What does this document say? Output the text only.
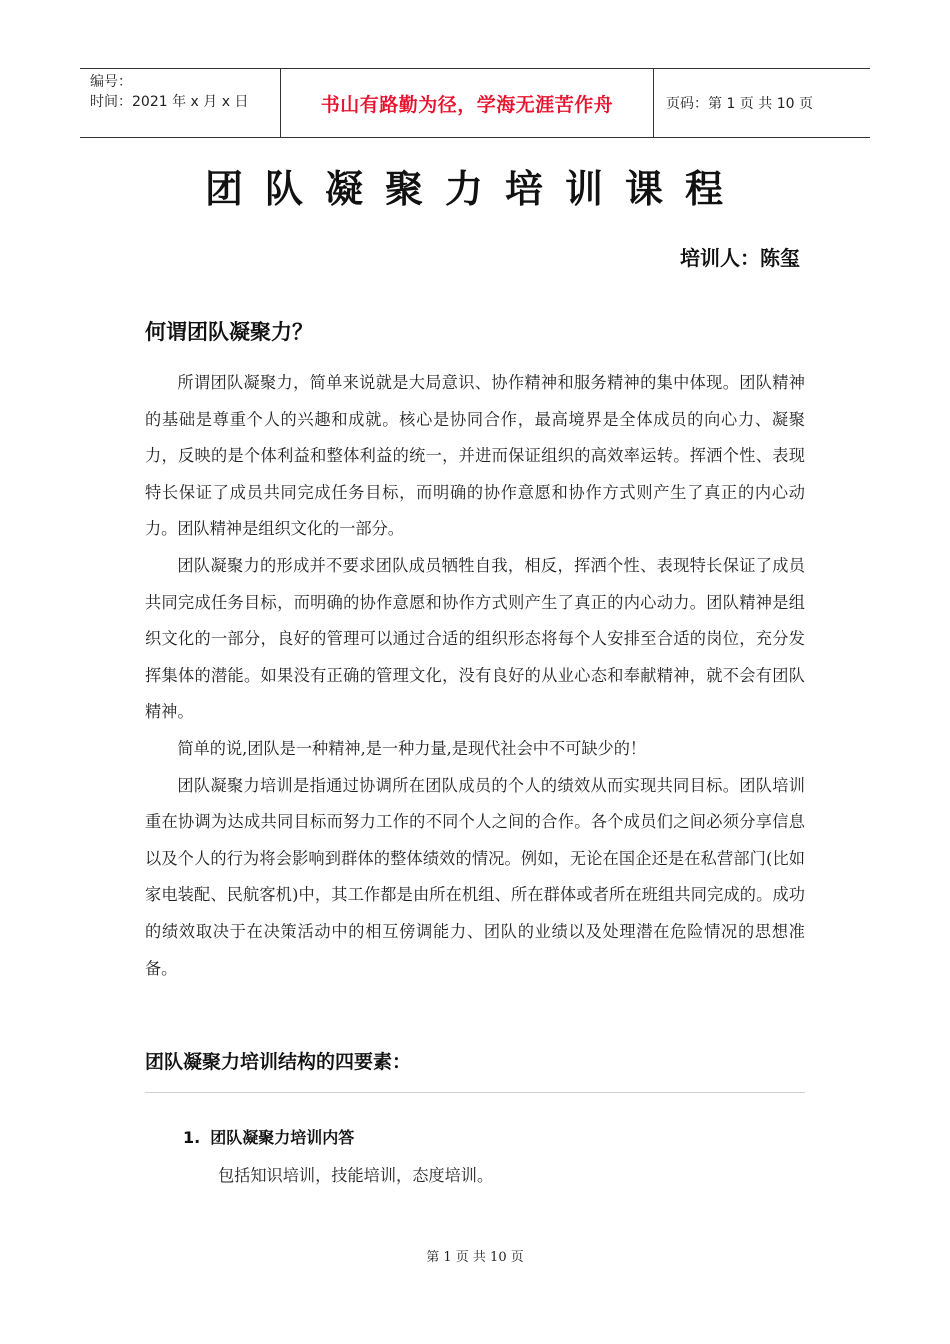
编号：
时间：2021 年 x 月 x 日	书山有路勤为径，学海无涯苦作舟	页码：第 1 页 共 10 页
团队凝聚力培训课程
培训人：陈玺
何谓团队凝聚力？

所谓团队凝聚力，简单来说就是大局意识、协作精神和服务精神的集中体现。团队精神的基础是尊重个人的兴趣和成就。核心是协同合作，最高境界是全体成员的向心力、凝聚力，反映的是个体利益和整体利益的统一，并进而保证组织的高效率运转。挥洒个性、表现特长保证了成员共同完成任务目标，而明确的协作意愿和协作方式则产生了真正的内心动力。团队精神是组织文化的一部分。

团队凝聚力的形成并不要求团队成员牺牲自我，相反，挥洒个性、表现特长保证了成员共同完成任务目标，而明确的协作意愿和协作方式则产生了真正的内心动力。团队精神是组织文化的一部分，良好的管理可以通过合适的组织形态将每个人安排至合适的岗位，充分发挥集体的潜能。如果没有正确的管理文化，没有良好的从业心态和奉献精神，就不会有团队精神。

简单的说,团队是一种精神,是一种力量,是现代社会中不可缺少的！

团队凝聚力培训是指通过协调所在团队成员的个人的绩效从而实现共同目标。团队培训重在协调为达成共同目标而努力工作的不同个人之间的合作。各个成员们之间必须分享信息以及个人的行为将会影响到群体的整体绩效的情况。例如，无论在国企还是在私营部门(比如家电装配、民航客机)中，其工作都是由所在机组、所在群体或者所在班组共同完成的。成功的绩效取决于在决策活动中的相互傍调能力、团队的业绩以及处理潜在危险情况的思想准备。

团队凝聚力培训结构的四要素：
1. 团队凝聚力培训内答
包括知识培训，技能培训，态度培训。
第 1 页 共 10 页
